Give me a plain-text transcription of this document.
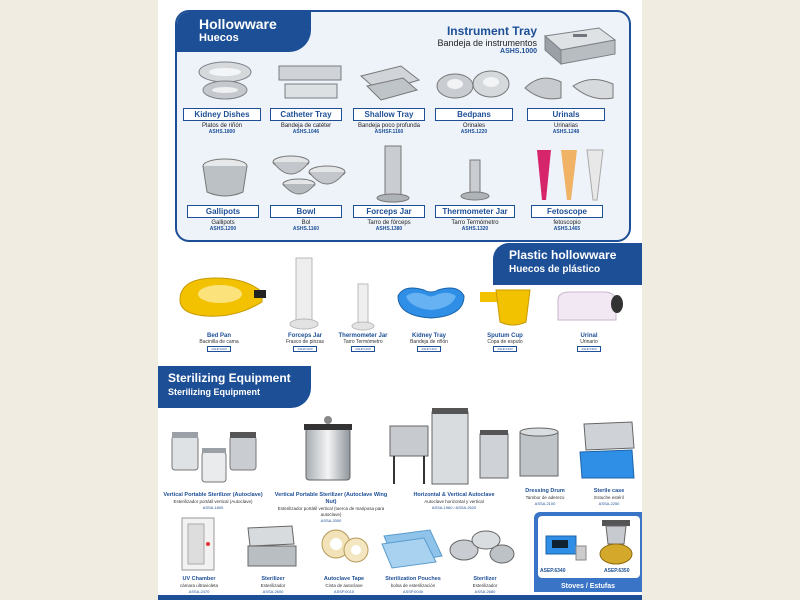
Hollowware
Huecos	Instrument Tray
Bandeja de instrumentos
ASHS.1000
Kidney Dishes
Platos de riñón
ASHS.1800
Catheter Tray
Bandeja de catéter
ASHS.1046
Shallow Tray
Bandeja poco profunda
ASHSF.1160
Bedpans
Orinales
ASHS.1220
Urinals
Urinarias
ASHS.1248
Gallipots
Gallipots
ASHS.1200
Bowl
Bol
ASHS.1160
Forceps Jar
Tarro de fórceps
ASHS.1380
Thermometer Jar
Tarro Termómetro
ASHS.1320
Fetoscope
fetoscopio
ASHS.1465
Plastic hollowware
Huecos de plástico
Bed Pan
Bacinilla de cama
ASHP.1000
Forceps Jar
Frasco de pinzas
ASHP.1100
Thermometer Jar
Tarro Termómetro
ASHP.1200
Kidney Tray
Bandeja de riñón
ASHP.1300
Sputum Cup
Copa de esputo
ASHP.1400
Urinal
Urinario
ASHP.1500
Sterilizing Equipment
Sterilizing Equipment
Vertical Portable Sterilizer (Autoclave)
Esterilizador portátil vertical (Autoclave)
ASSA.1800
Vertical Portable Sterilizer (Autoclave Wing Nut)
Esterilizador portátil vertical (tuerca de mariposa para autoclave)
ASSA.2000
Horizontal & Vertical Autoclave
Autoclave horizontal y vertical
ASSA.1960 / ASSA.2620
Dressing Drum
Tambor de aderezo
ASSA.2100
Sterile case
Estuche estéril
ASSA.2250
UV Chamber
cámara ultravioleta
ASSA.2470
Sterilizer
Esterilizador
ASSA.2600
Autoclave Tape
Cinta de autoclave
ASSP.0010
Sterilization Pouches
bolsa de esterilización
ASSP.0040
Sterilizer
Esterilizador
ASSA.2680
ASEP.6340	ASEP.6350
Stoves / Estufas
